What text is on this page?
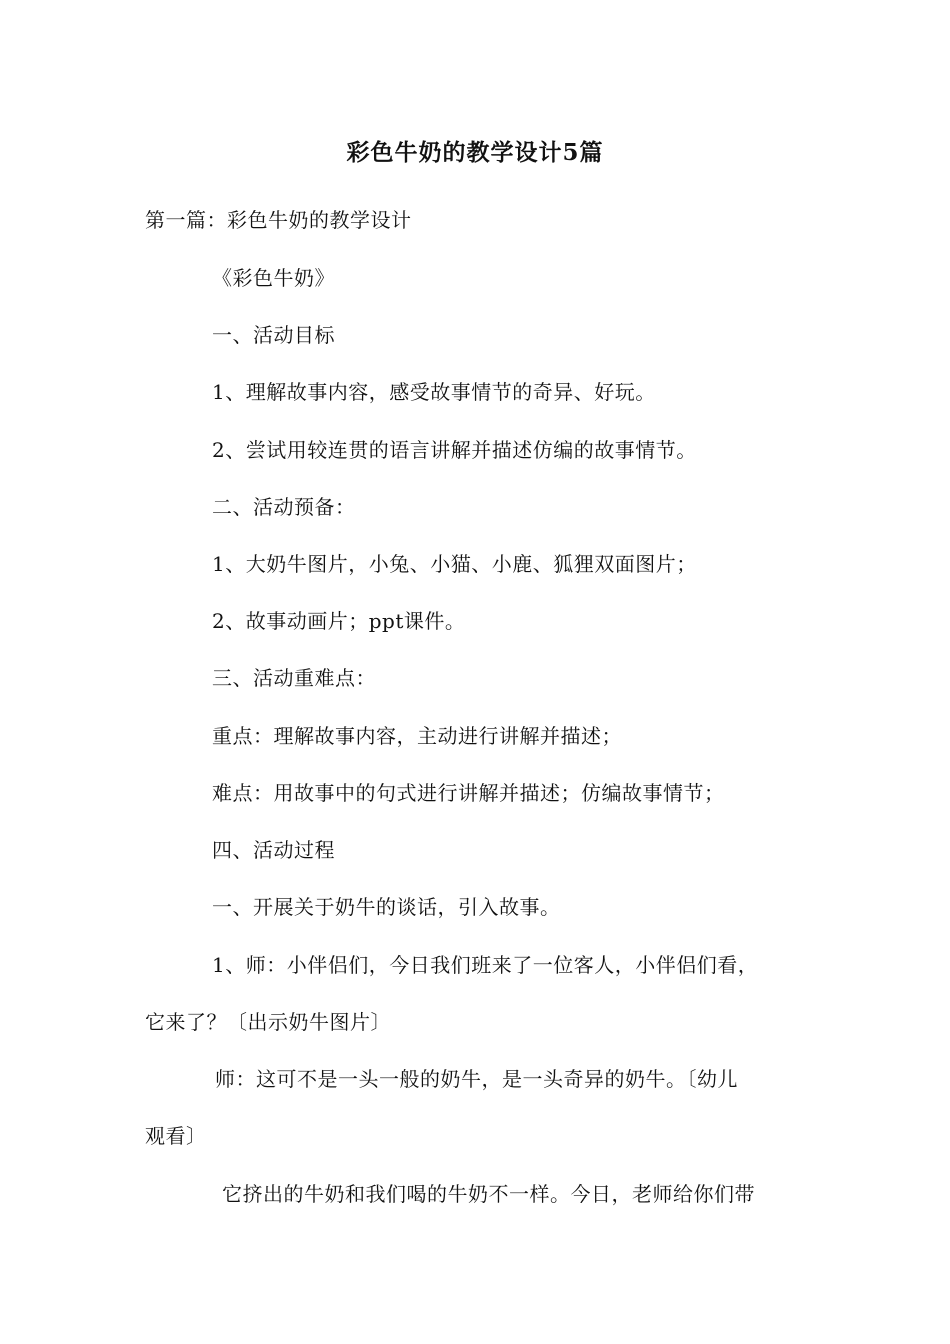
彩色牛奶的教学设计5篇
第一篇：彩色牛奶的教学设计
《彩色牛奶》
一、活动目标
1、理解故事内容，感受故事情节的奇异、好玩。
2、尝试用较连贯的语言讲解并描述仿编的故事情节。
二、活动预备：
1、大奶牛图片，小兔、小猫、小鹿、狐狸双面图片；
2、故事动画片；ppt课件。
三、活动重难点：
重点：理解故事内容，主动进行讲解并描述；
难点：用故事中的句式进行讲解并描述；仿编故事情节；
四、活动过程
一、开展关于奶牛的谈话，引入故事。
1、师：小伴侣们，今日我们班来了一位客人，小伴侣们看，
它来了？〔出示奶牛图片〕
师：这可不是一头一般的奶牛，是一头奇异的奶牛。〔幼儿
观看〕
它挤出的牛奶和我们喝的牛奶不一样。今日，老师给你们带
